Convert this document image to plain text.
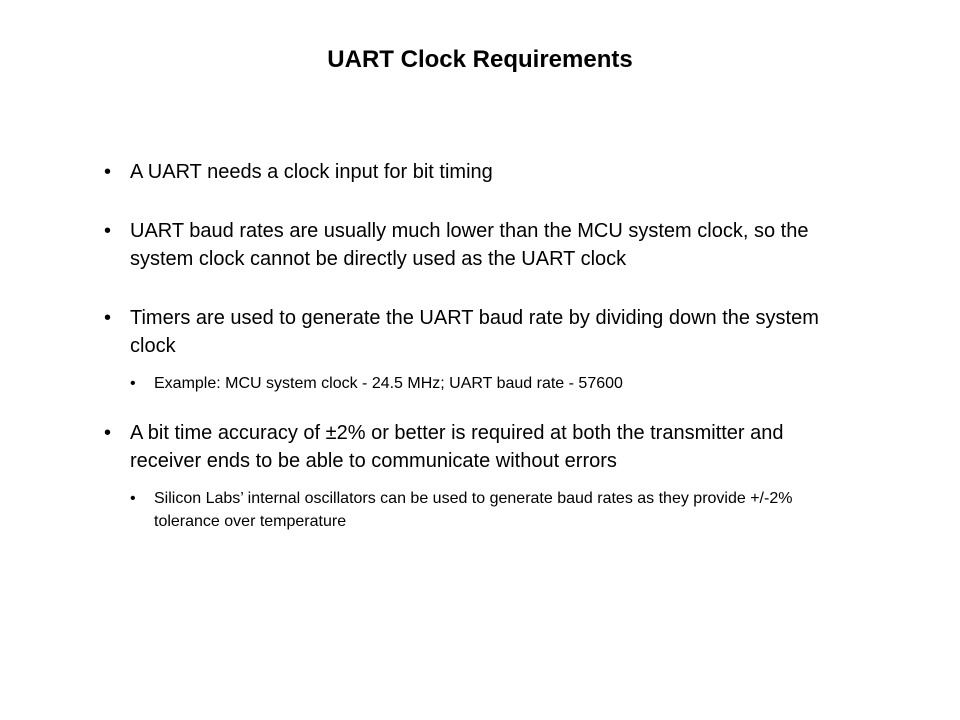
UART Clock Requirements
• A UART needs a clock input for bit timing
• UART baud rates are usually much lower than the MCU system clock, so the system clock cannot be directly used as the UART clock
• Timers are used to generate the UART baud rate by dividing down the system clock
• Example: MCU system clock - 24.5 MHz; UART baud rate - 57600
• A bit time accuracy of ±2% or better is required at both the transmitter and receiver ends to be able to communicate without errors
• Silicon Labs’ internal oscillators can be used to generate baud rates as they provide +/-2% tolerance over temperature
